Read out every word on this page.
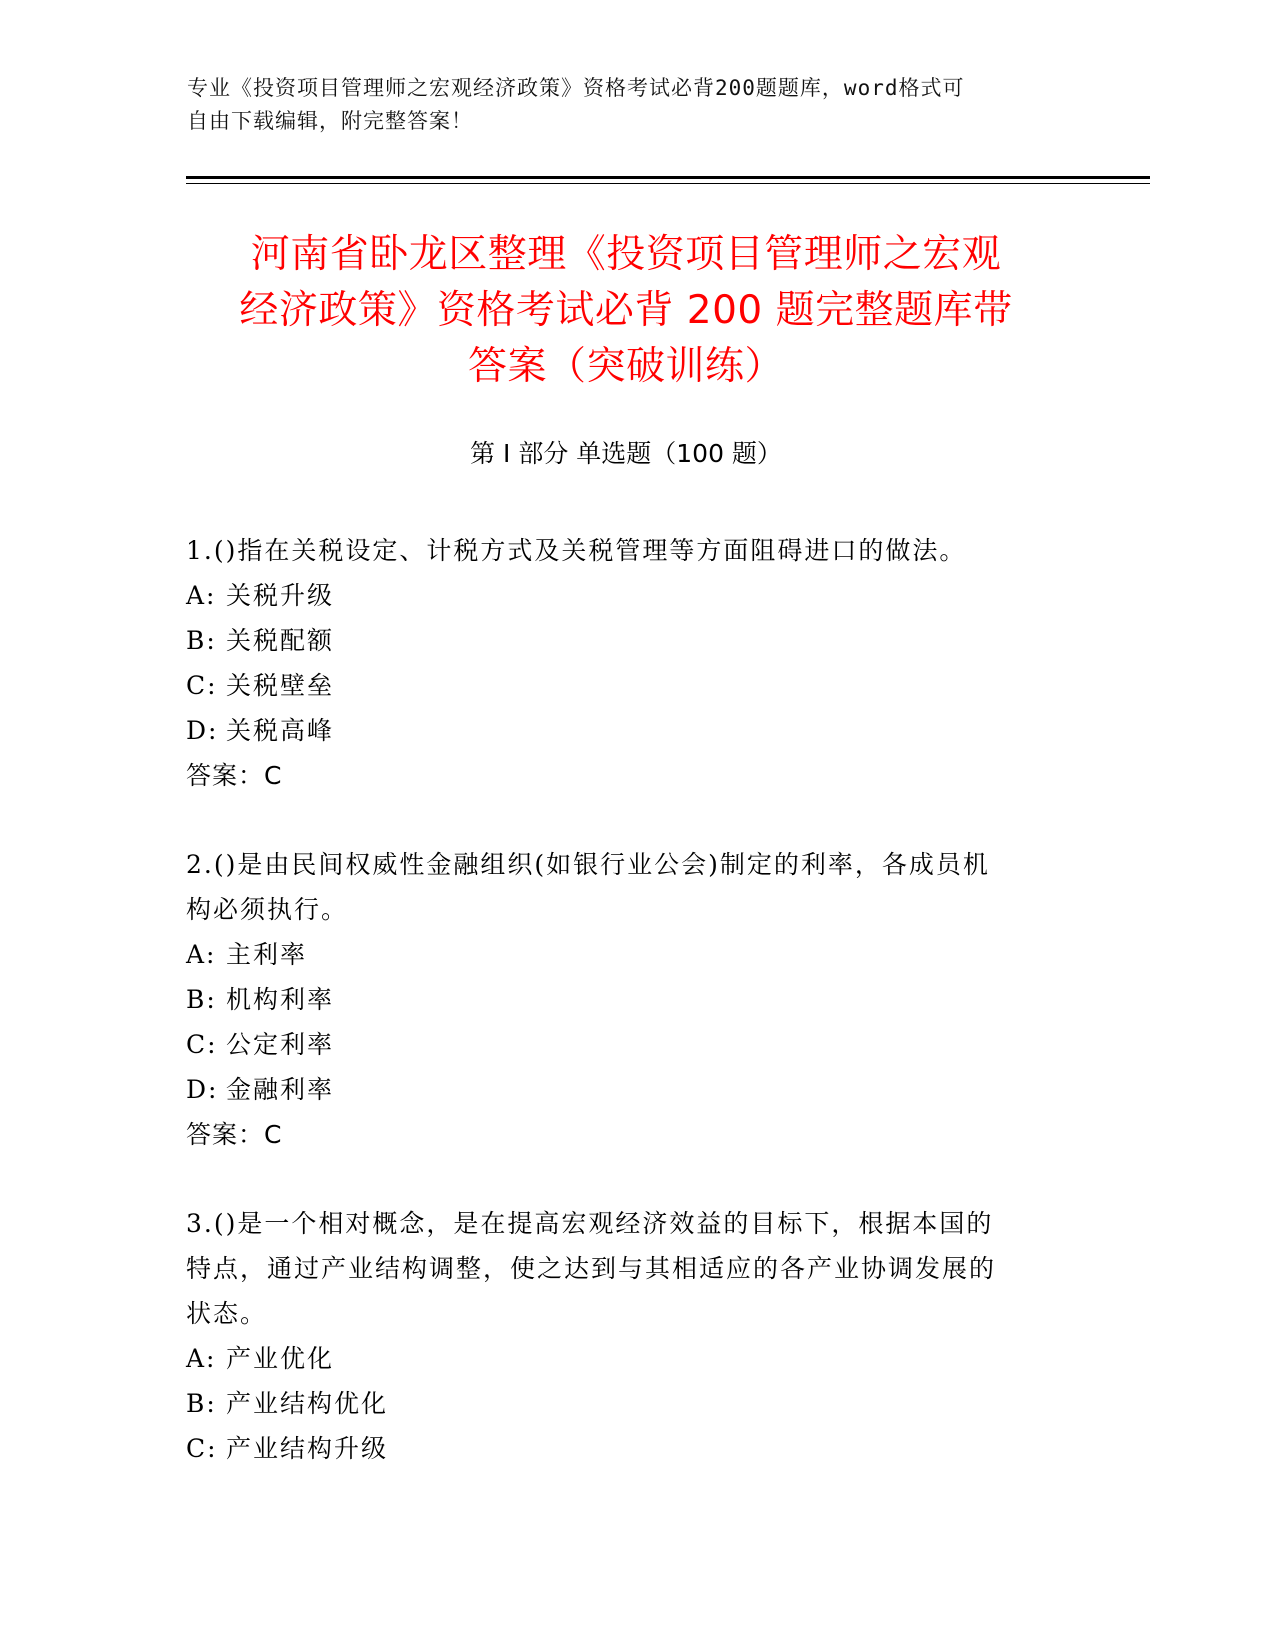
专业《投资项目管理师之宏观经济政策》资格考试必背200题题库，word格式可

自由下载编辑，附完整答案！

河南省卧龙区整理《投资项目管理师之宏观
经济政策》资格考试必背 200 题完整题库带
答案（突破训练）
第 I 部分 单选题（100 题）

1.()指在关税设定、计税方式及关税管理等方面阻碍进口的做法。

A: 关税升级

B: 关税配额

C: 关税壁垒

D: 关税高峰

答案：C

2.()是由民间权威性金融组织(如银行业公会)制定的利率，各成员机

构必须执行。

A: 主利率

B: 机构利率

C: 公定利率

D: 金融利率

答案：C

3.()是一个相对概念，是在提高宏观经济效益的目标下，根据本国的

特点，通过产业结构调整，使之达到与其相适应的各产业协调发展的

状态。

A: 产业优化

B: 产业结构优化

C: 产业结构升级
